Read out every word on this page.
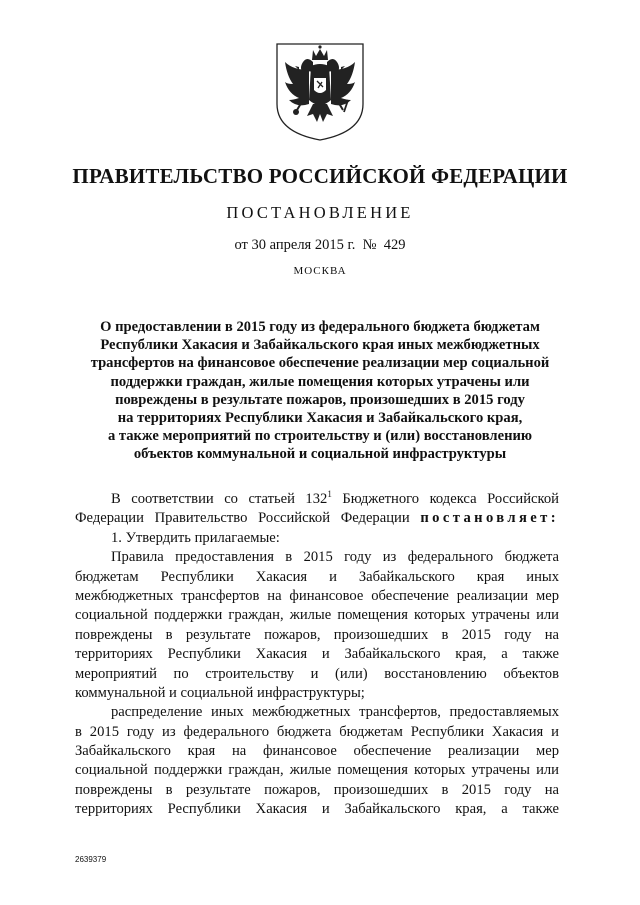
ПРАВИТЕЛЬСТВО РОССИЙСКОЙ ФЕДЕРАЦИИ
ПОСТАНОВЛЕНИЕ
от 30 апреля 2015 г.  №  429
МОСКВА
О предоставлении в 2015 году из федерального бюджета бюджетам
Республики Хакасия и Забайкальского края иных межбюджетных
трансфертов на финансовое обеспечение реализации мер социальной
поддержки граждан, жилые помещения которых утрачены или
повреждены в результате пожаров, произошедших в 2015 году
на территориях Республики Хакасия и Забайкальского края,
а также мероприятий по строительству и (или) восстановлению
объектов коммунальной и социальной инфраструктуры
В соответствии со статьей $132^1$ Бюджетного кодекса Российской
Федерации Правительство Российской Федерации постановляет:
1. Утвердить прилагаемые:
Правила предоставления в 2015 году из федерального бюджета
бюджетам Республики Хакасия и Забайкальского края иных
межбюджетных трансфертов на финансовое обеспечение реализации мер
социальной поддержки граждан, жилые помещения которых утрачены или
повреждены в результате пожаров, произошедших в 2015 году на
территориях Республики Хакасия и Забайкальского края, а также
мероприятий по строительству и (или) восстановлению объектов
коммунальной и социальной инфраструктуры;
распределение иных межбюджетных трансфертов, предоставляемых
в 2015 году из федерального бюджета бюджетам Республики Хакасия и
Забайкальского края на финансовое обеспечение реализации мер
социальной поддержки граждан, жилые помещения которых утрачены или
повреждены в результате пожаров, произошедших в 2015 году на
территориях Республики Хакасия и Забайкальского края, а также
2639379
